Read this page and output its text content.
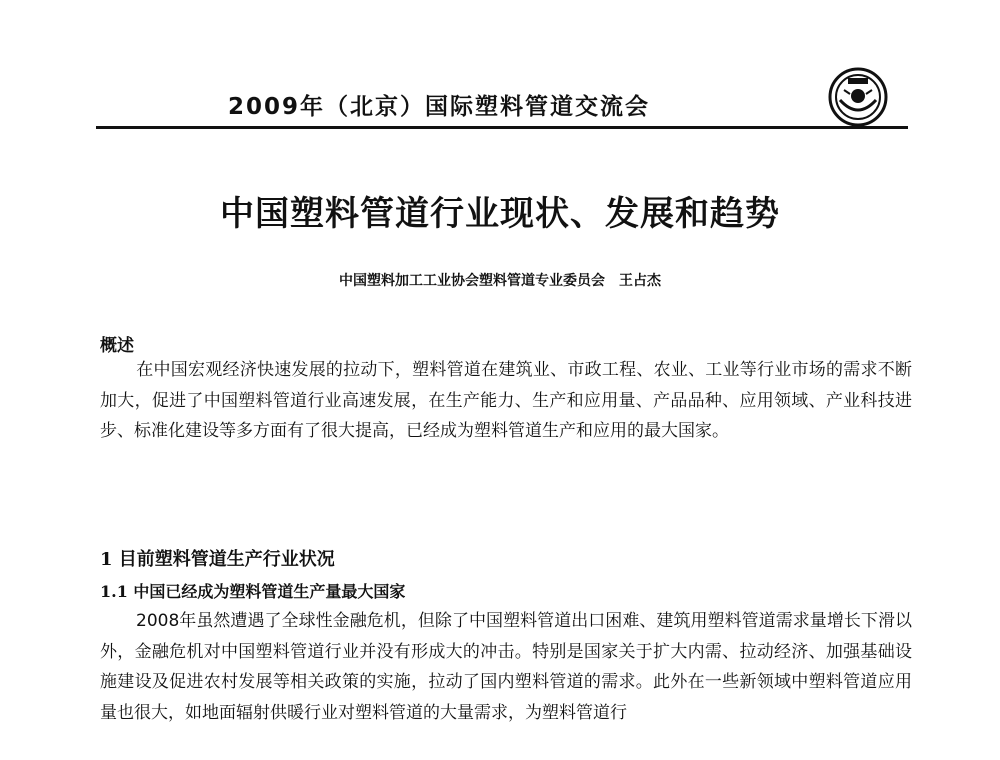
2009年（北京）国际塑料管道交流会
中国塑料管道行业现状、发展和趋势
中国塑料加工工业协会塑料管道专业委员会　王占杰
概述
在中国宏观经济快速发展的拉动下，塑料管道在建筑业、市政工程、农业、工业等行业市场的需求不断加大，促进了中国塑料管道行业高速发展，在生产能力、生产和应用量、产品品种、应用领域、产业科技进步、标准化建设等多方面有了很大提高，已经成为塑料管道生产和应用的最大国家。
1 目前塑料管道生产行业状况
1.1 中国已经成为塑料管道生产量最大国家
2008年虽然遭遇了全球性金融危机，但除了中国塑料管道出口困难、建筑用塑料管道需求量增长下滑以外，金融危机对中国塑料管道行业并没有形成大的冲击。特别是国家关于扩大内需、拉动经济、加强基础设施建设及促进农村发展等相关政策的实施，拉动了国内塑料管道的需求。此外在一些新领域中塑料管道应用量也很大，如地面辐射供暖行业对塑料管道的大量需求，为塑料管道行
